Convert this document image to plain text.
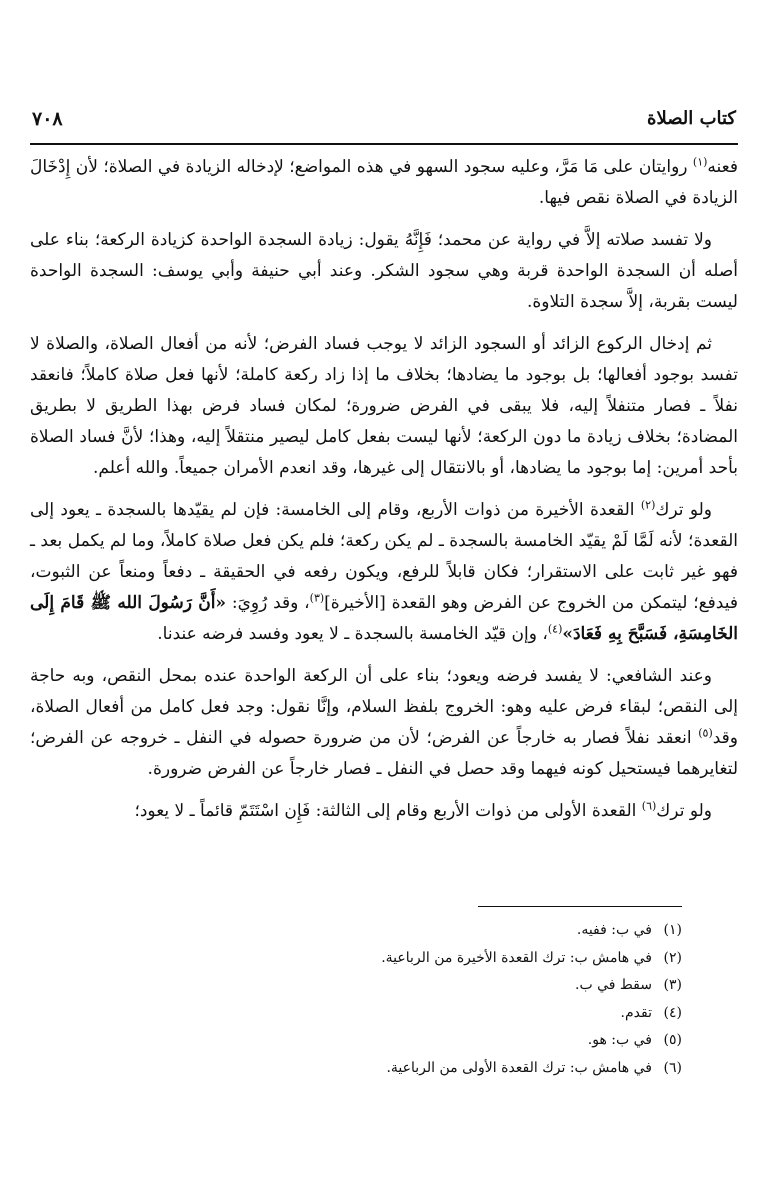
٧٠٨	كتاب الصلاة

فعنه$^{(١)}$ روايتان على مَا مَرَّ، وعليه سجود السهو في هذه المواضع؛ لإدخاله الزيادة في الصلاة؛ لأن إِدْخَالَ الزيادة في الصلاة نقص فيها.

ولا تفسد صلاته إلاَّ في رواية عن محمد؛ فَإِنَّهُ يقول: زيادة السجدة الواحدة كزيادة الركعة؛ بناء على أصله أن السجدة الواحدة قربة وهي سجود الشكر. وعند أبي حنيفة وأبي يوسف: السجدة الواحدة ليست بقربة، إلاَّ سجدة التلاوة.

ثم إدخال الركوع الزائد أو السجود الزائد لا يوجب فساد الفرض؛ لأنه من أفعال الصلاة، والصلاة لا تفسد بوجود أفعالها؛ بل بوجود ما يضادها؛ بخلاف ما إذا زاد ركعة كاملة؛ لأنها فعل صلاة كاملاً؛ فانعقد نفلاً ـ فصار متنفلاً إليه، فلا يبقى في الفرض ضرورة؛ لمكان فساد فرض بهذا الطريق لا بطريق المضادة؛ بخلاف زيادة ما دون الركعة؛ لأنها ليست بفعل كامل ليصير منتقلاً إليه، وهذا؛ لأنَّ فساد الصلاة بأحد أمرين: إما بوجود ما يضادها، أو بالانتقال إلى غيرها، وقد انعدم الأمران جميعاً. والله أعلم.

ولو ترك$^{(٢)}$ القعدة الأخيرة من ذوات الأربع، وقام إلى الخامسة: فإن لم يقيّدها بالسجدة ـ يعود إلى القعدة؛ لأنه لَمَّا لَمْ يقيّد الخامسة بالسجدة ـ لم يكن ركعة؛ فلم يكن فعل صلاة كاملاً، وما لم يكمل بعد ـ فهو غير ثابت على الاستقرار؛ فكان قابلاً للرفع، ويكون رفعه في الحقيقة ـ دفعاً ومنعاً عن الثبوت، فيدفع؛ ليتمكن من الخروج عن الفرض وهو القعدة [الأخيرة]$^{(٣)}$، وقد رُوِيَ: «أَنَّ رَسُولَ الله ﷺ قَامَ إِلَى الخَامِسَةِ، فَسَبَّحَ بِهِ فَعَادَ»$^{(٤)}$، وإن قيّد الخامسة بالسجدة ـ لا يعود وفسد فرضه عندنا.

وعند الشافعي: لا يفسد فرضه ويعود؛ بناء على أن الركعة الواحدة عنده بمحل النقص، وبه حاجة إلى النقص؛ لبقاء فرض عليه وهو: الخروج بلفظ السلام، وإنَّا نقول: وجد فعل كامل من أفعال الصلاة، وقد$^{(٥)}$ انعقد نفلاً فصار به خارجاً عن الفرض؛ لأن من ضرورة حصوله في النفل ـ خروجه عن الفرض؛ لتغايرهما فيستحيل كونه فيهما وقد حصل في النفل ـ فصار خارجاً عن الفرض ضرورة.

ولو ترك$^{(٦)}$ القعدة الأولى من ذوات الأربع وقام إلى الثالثة: فَإِن اسْتَتَمّ قائماً ـ لا يعود؛

(١)في ب: ففيه.
(٢)في هامش ب: ترك القعدة الأخيرة من الرباعية.
(٣)سقط في ب.
(٤)تقدم.
(٥)في ب: هو.
(٦)في هامش ب: ترك القعدة الأولى من الرباعية.
